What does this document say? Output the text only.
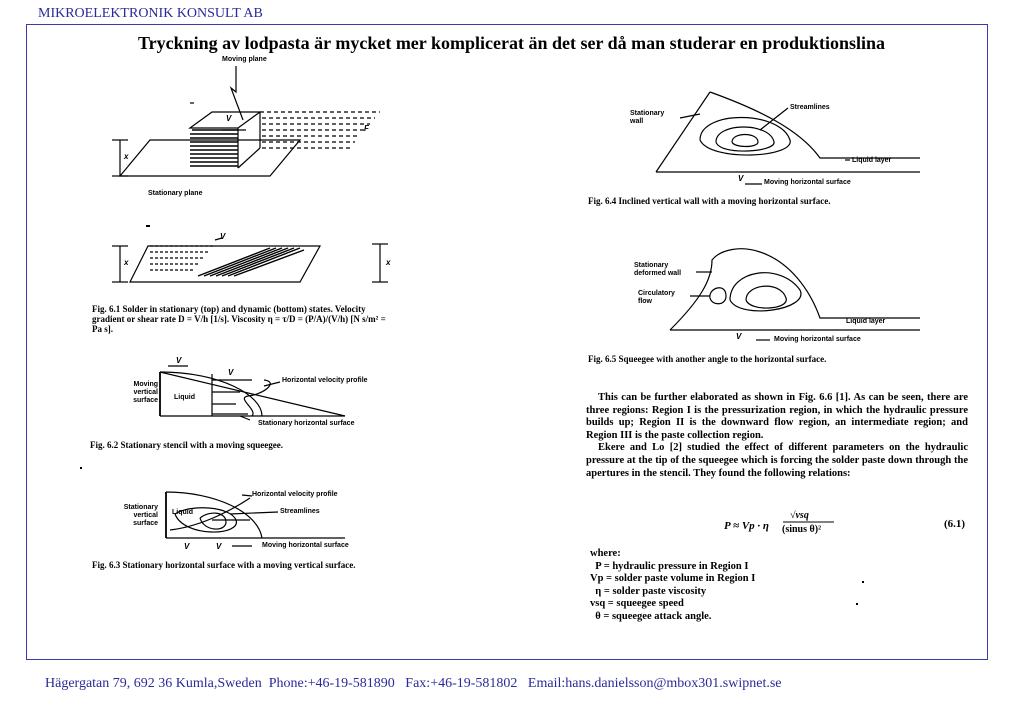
MIKROELEKTRONIK KONSULT AB
Tryckning av lodpasta är mycket mer komplicerat än det ser då man studerar en produktionslina
Moving plane
Stationary plane
V
F
x
V
x	x
Fig. 6.1 Solder in stationary (top) and dynamic (bottom) states. Velocity
gradient or shear rate D = V/h [1/s]. Viscosity η = τ/D = (P/A)/(V/h) [N s/m² =
Pa s].
Moving
vertical
surface Liquid
V
V
Horizontal velocity profile
Stationary horizontal surface
Fig. 6.2 Stationary stencil with a moving squeegee.
Stationary
vertical
surface
Liquid
Horizontal velocity profile
Streamlines
Moving horizontal surface
V	V
Fig. 6.3 Stationary horizontal surface with a moving vertical surface.
Stationary
wall
Streamlines
Liquid layer
V	Moving horizontal surface
Fig. 6.4 Inclined vertical wall with a moving horizontal surface.
Stationary
deformed wall
Circulatory
flow
Liquid layer
V	Moving horizontal surface
Fig. 6.5 Squeegee with another angle to the horizontal surface.

This can be further elaborated as shown in Fig. 6.6 [1]. As can be seen, there are three regions: Region I is the pressurization region, in which the hydraulic pressure builds up; Region II is the downward flow region, an intermediate region; and Region III is the paste collection region.

Ekere and Lo [2] studied the effect of different parameters on the hydraulic pressure at the tip of the squeegee which is forcing the solder paste down through the apertures in the stencil. They found the following relations:

P ≈ Vp · η
√vsq
(sinus θ)²	(6.1)
where:
P = hydraulic pressure in Region I
Vp = solder paste volume in Region I
η = solder paste viscosity
vsq = squeegee speed
θ = squeegee attack angle.
Hägergatan 79, 692 36 Kumla,Sweden  Phone:+46-19-581890   Fax:+46-19-581802   Email:hans.danielsson@mbox301.swipnet.se
